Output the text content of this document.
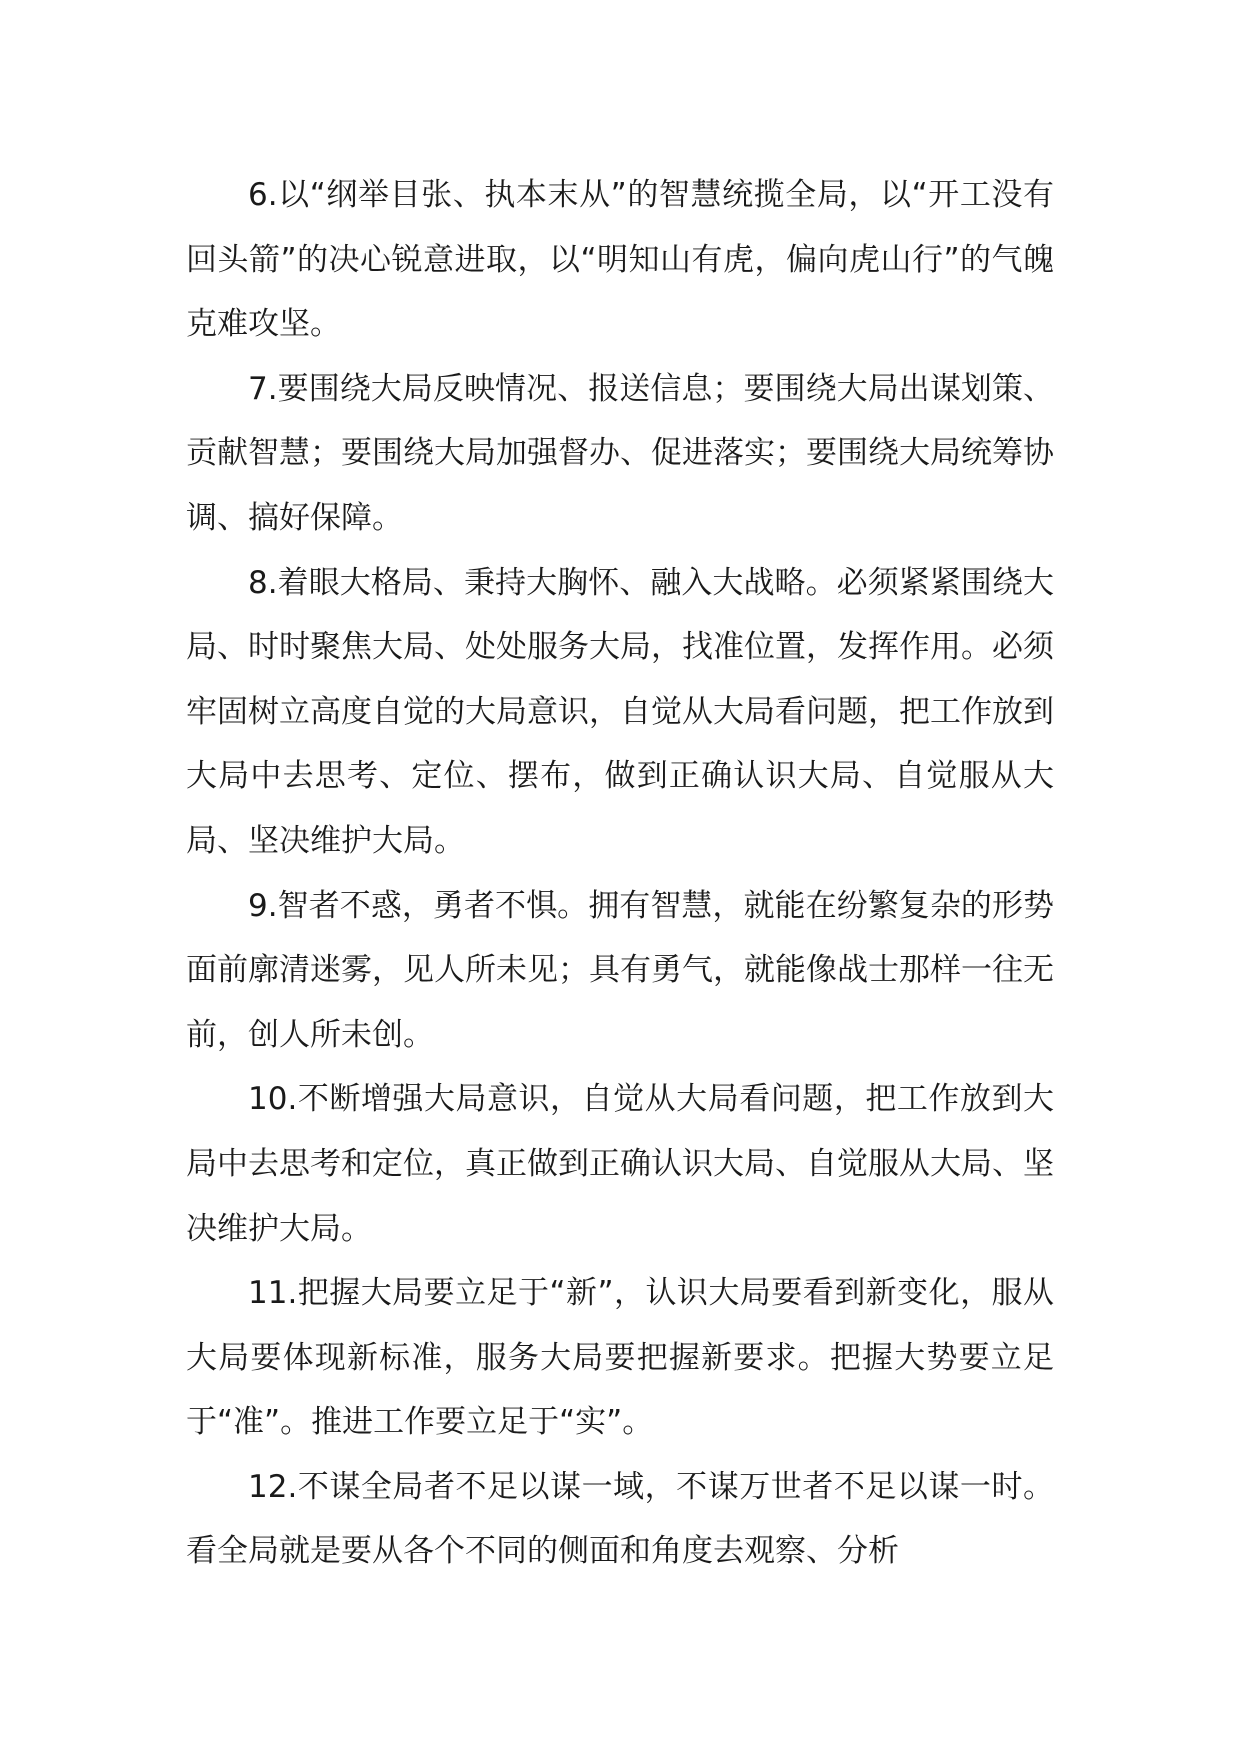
6.以“纲举目张、执本末从”的智慧统揽全局，以“开工没有回头箭”的决心锐意进取，以“明知山有虎，偏向虎山行”的气魄克难攻坚。

7.要围绕大局反映情况、报送信息；要围绕大局出谋划策、贡献智慧；要围绕大局加强督办、促进落实；要围绕大局统筹协调、搞好保障。

8.着眼大格局、秉持大胸怀、融入大战略。必须紧紧围绕大局、时时聚焦大局、处处服务大局，找准位置，发挥作用。必须牢固树立高度自觉的大局意识，自觉从大局看问题，把工作放到大局中去思考、定位、摆布，做到正确认识大局、自觉服从大局、坚决维护大局。

9.智者不惑，勇者不惧。拥有智慧，就能在纷繁复杂的形势面前廓清迷雾，见人所未见；具有勇气，就能像战士那样一往无前，创人所未创。

10.不断增强大局意识，自觉从大局看问题，把工作放到大局中去思考和定位，真正做到正确认识大局、自觉服从大局、坚决维护大局。

11.把握大局要立足于“新”，认识大局要看到新变化，服从大局要体现新标准，服务大局要把握新要求。把握大势要立足于“准”。推进工作要立足于“实”。

12.不谋全局者不足以谋一域，不谋万世者不足以谋一时。看全局就是要从各个不同的侧面和角度去观察、分析
